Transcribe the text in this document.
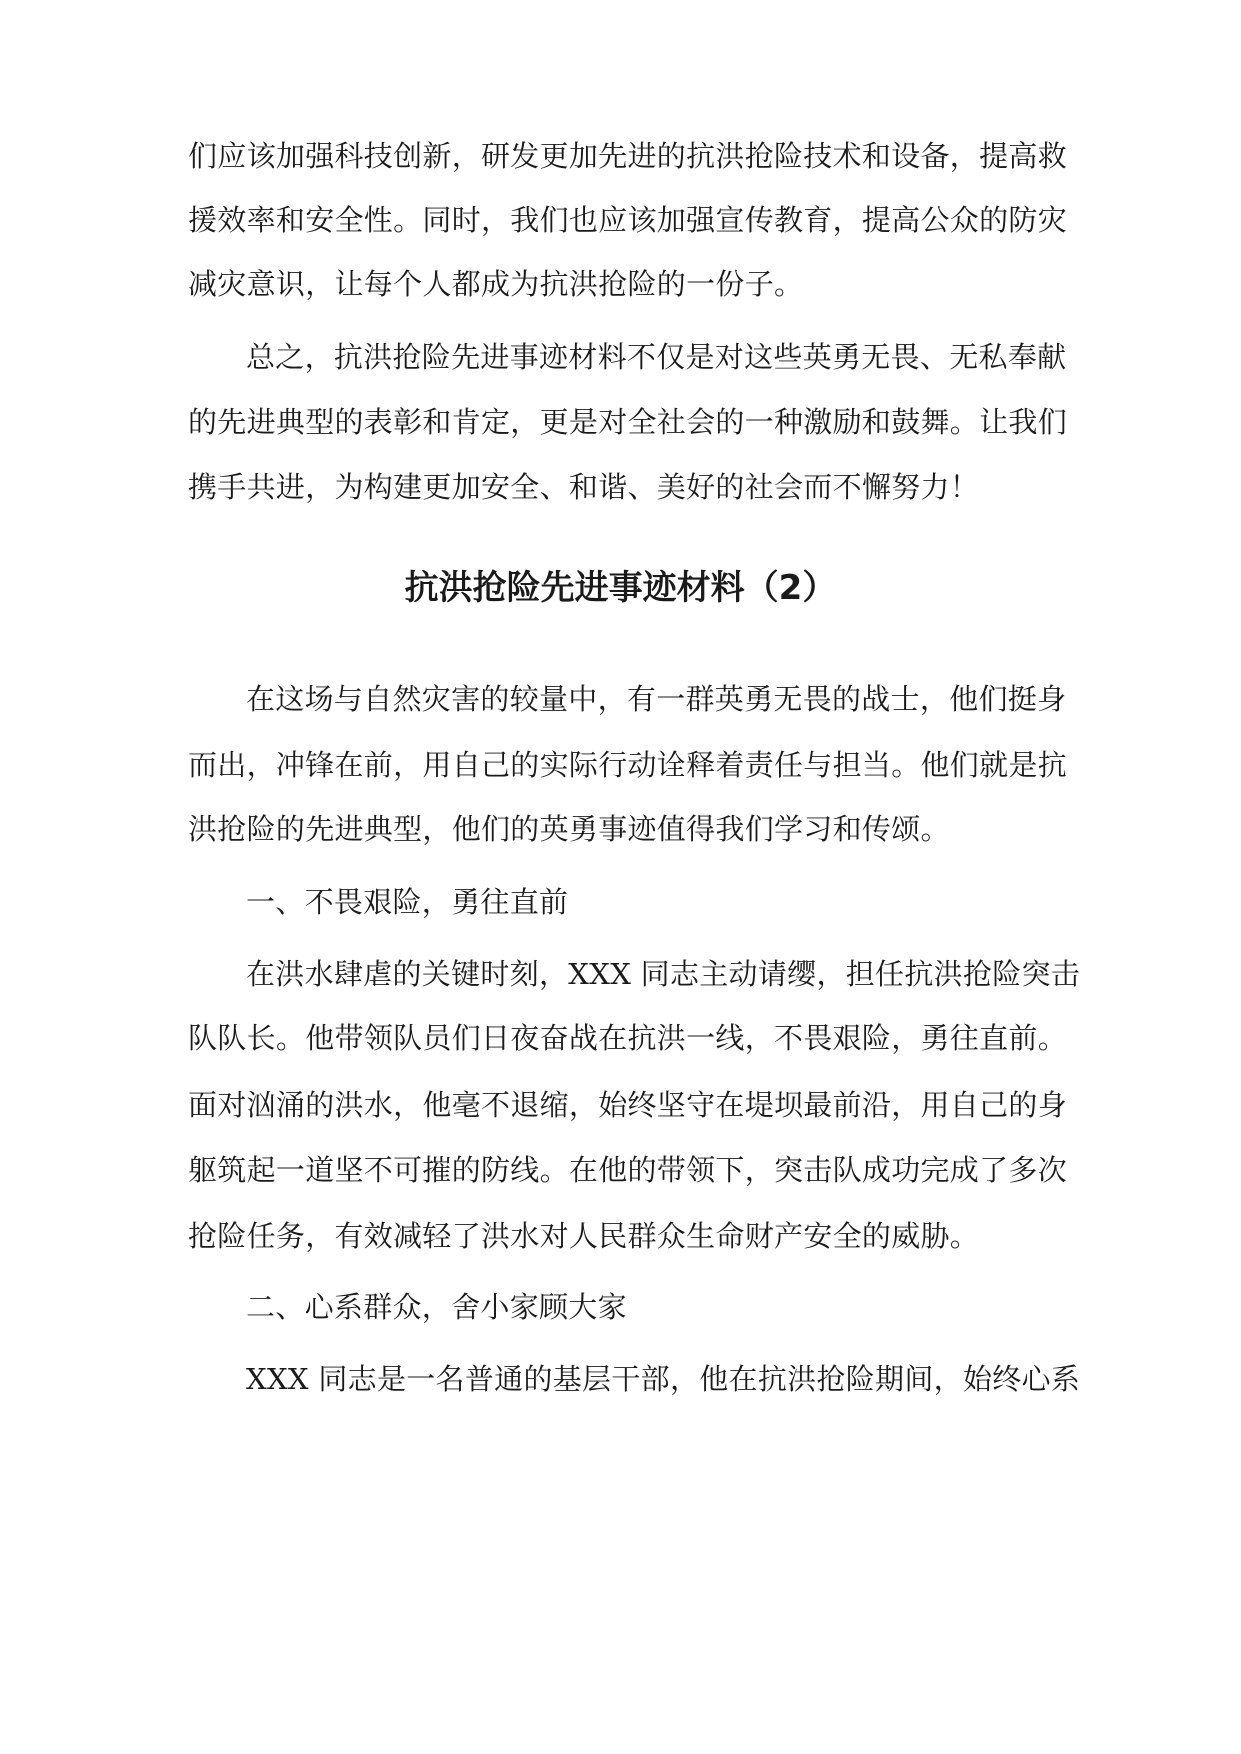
们应该加强科技创新，研发更加先进的抗洪抢险技术和设备，提高救
援效率和安全性。同时，我们也应该加强宣传教育，提高公众的防灾
减灾意识，让每个人都成为抗洪抢险的一份子。
总之，抗洪抢险先进事迹材料不仅是对这些英勇无畏、无私奉献
的先进典型的表彰和肯定，更是对全社会的一种激励和鼓舞。让我们
携手共进，为构建更加安全、和谐、美好的社会而不懈努力！
抗洪抢险先进事迹材料（2）
在这场与自然灾害的较量中，有一群英勇无畏的战士，他们挺身
而出，冲锋在前，用自己的实际行动诠释着责任与担当。他们就是抗
洪抢险的先进典型，他们的英勇事迹值得我们学习和传颂。
一、不畏艰险，勇往直前
在洪水肆虐的关键时刻，XXX 同志主动请缨，担任抗洪抢险突击
队队长。他带领队员们日夜奋战在抗洪一线，不畏艰险，勇往直前。
面对汹涌的洪水，他毫不退缩，始终坚守在堤坝最前沿，用自己的身
躯筑起一道坚不可摧的防线。在他的带领下，突击队成功完成了多次
抢险任务，有效减轻了洪水对人民群众生命财产安全的威胁。
二、心系群众，舍小家顾大家
XXX 同志是一名普通的基层干部，他在抗洪抢险期间，始终心系
